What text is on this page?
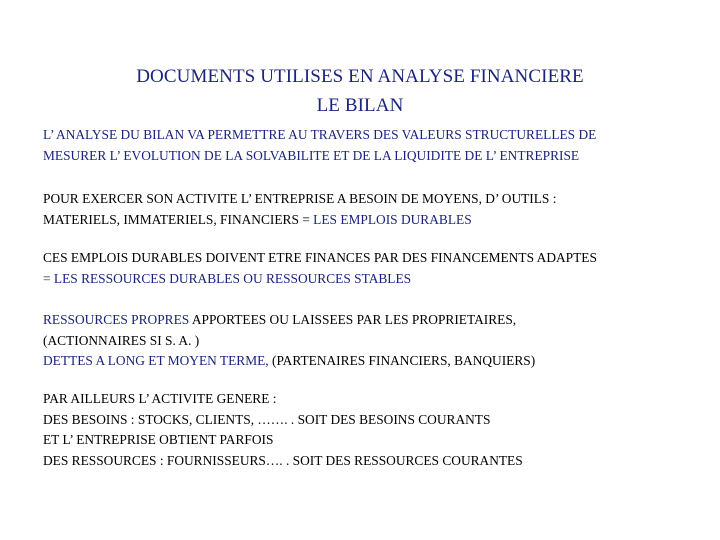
DOCUMENTS UTILISES EN ANALYSE FINANCIERE
LE BILAN
L’ ANALYSE DU BILAN VA PERMETTRE AU TRAVERS DES VALEURS STRUCTURELLES DE
MESURER L’ EVOLUTION DE LA SOLVABILITE ET DE LA LIQUIDITE DE L’ ENTREPRISE
POUR EXERCER SON ACTIVITE L’ ENTREPRISE A BESOIN DE MOYENS, D’ OUTILS :
MATERIELS, IMMATERIELS, FINANCIERS = LES EMPLOIS DURABLES
CES EMPLOIS DURABLES DOIVENT ETRE FINANCES PAR DES FINANCEMENTS ADAPTES
= LES RESSOURCES DURABLES OU RESSOURCES STABLES
RESSOURCES PROPRES APPORTEES OU LAISSEES PAR LES PROPRIETAIRES,
(ACTIONNAIRES SI S. A. )
DETTES A LONG ET MOYEN TERME, (PARTENAIRES FINANCIERS, BANQUIERS)
PAR AILLEURS L’ ACTIVITE GENERE :
DES BESOINS : STOCKS, CLIENTS, ……. . SOIT DES BESOINS COURANTS
ET L’ ENTREPRISE OBTIENT PARFOIS
DES RESSOURCES : FOURNISSEURS…. . SOIT DES RESSOURCES COURANTES
